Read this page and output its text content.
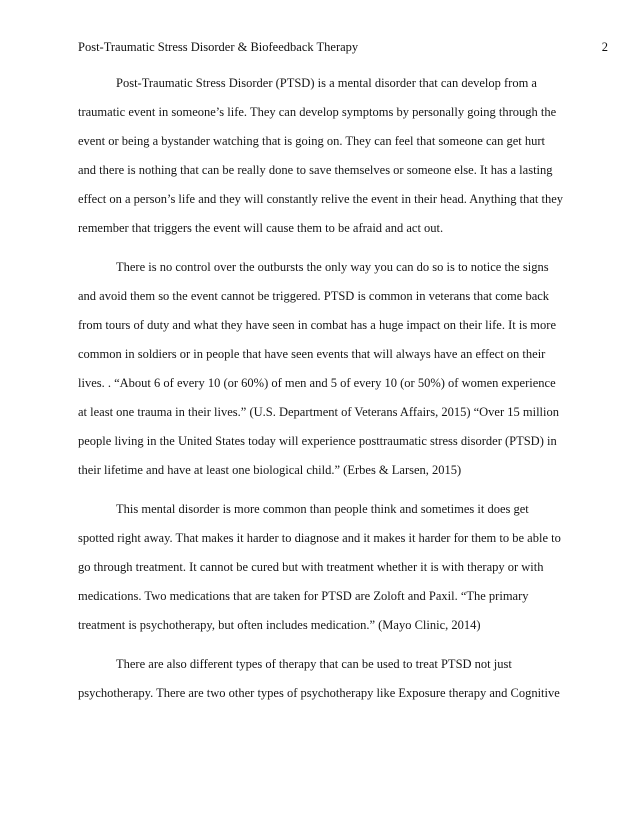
Post-Traumatic Stress Disorder & Biofeedback Therapy	2
Post-Traumatic Stress Disorder (PTSD) is a mental disorder that can develop from a
traumatic event in someone’s life. They can develop symptoms by personally going through the
event or being a bystander watching that is going on. They can feel that someone can get hurt
and there is nothing that can be really done to save themselves or someone else. It has a lasting
effect on a person’s life and they will constantly relive the event in their head. Anything that they
remember that triggers the event will cause them to be afraid and act out.
There is no control over the outbursts the only way you can do so is to notice the signs
and avoid them so the event cannot be triggered. PTSD is common in veterans that come back
from tours of duty and what they have seen in combat has a huge impact on their life. It is more
common in soldiers or in people that have seen events that will always have an effect on their
lives. . “About 6 of every 10 (or 60%) of men and 5 of every 10 (or 50%) of women experience
at least one trauma in their lives.” (U.S. Department of Veterans Affairs, 2015) “Over 15 million
people living in the United States today will experience posttraumatic stress disorder (PTSD) in
their lifetime and have at least one biological child.” (Erbes & Larsen, 2015)
This mental disorder is more common than people think and sometimes it does get
spotted right away. That makes it harder to diagnose and it makes it harder for them to be able to
go through treatment. It cannot be cured but with treatment whether it is with therapy or with
medications. Two medications that are taken for PTSD are Zoloft and Paxil. “The primary
treatment is psychotherapy, but often includes medication.” (Mayo Clinic, 2014)
There are also different types of therapy that can be used to treat PTSD not just
psychotherapy. There are two other types of psychotherapy like Exposure therapy and Cognitive
